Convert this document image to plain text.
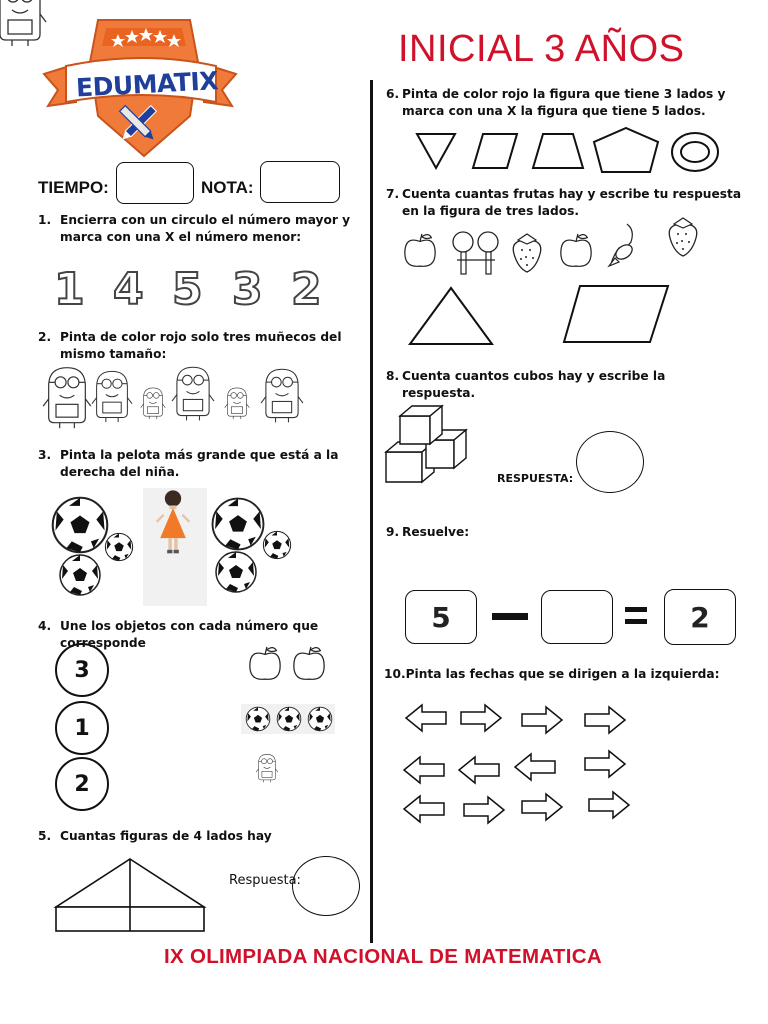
EDUMATIX
INICIAL 3 AÑOS
TIEMPO:	NOTA:
1. Encierra con un circulo el número mayor y marca con una X el número menor:
1 4 5 3 2
2. Pinta de color rojo solo tres muñecos del mismo tamaño:
3. Pinta la pelota más grande que está a la derecha del niña.
4. Une los objetos con cada número que corresponde
3
1
2
5. Cuantas figuras de 4 lados hay
Respuesta:
6. Pinta de color rojo la figura que tiene 3 lados y marca con una X la figura que tiene 5 lados.
7. Cuenta cuantas frutas hay y escribe tu respuesta en la figura de tres lados.
8. Cuenta cuantos cubos hay y escribe la respuesta.
RESPUESTA:
9. Resuelve:
5	2
10.Pinta las fechas que se dirigen a la izquierda:
IX OLIMPIADA NACIONAL DE MATEMATICA
